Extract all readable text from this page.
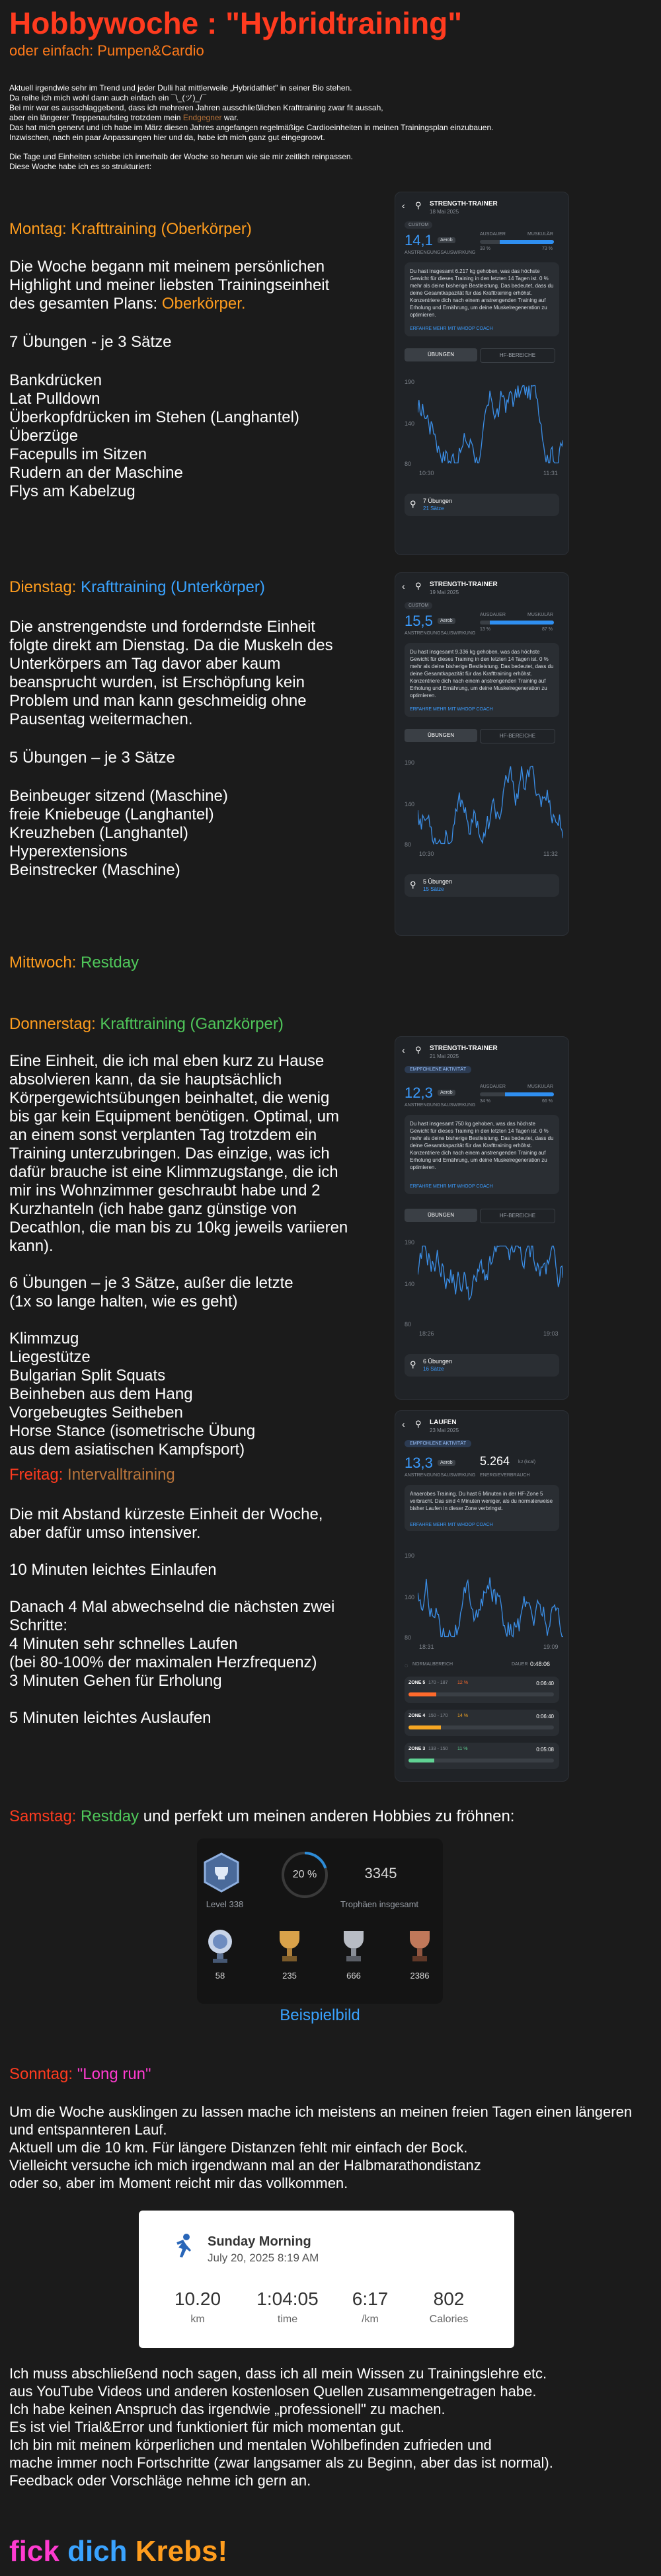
Hobbywoche : "Hybridtraining"
oder einfach: Pumpen&Cardio

Aktuell irgendwie sehr im Trend und jeder Dulli hat mittlerweile „Hybridathlet" in seiner Bio stehen.

Da reihe ich mich wohl dann auch einfach ein ¯\_(ツ)_/¯

Bei mir war es ausschlaggebend, dass ich mehreren Jahren ausschließlichen Krafttraining zwar fit aussah,

aber ein längerer Treppenaufstieg trotzdem mein Endgegner war.

Das hat mich genervt und ich habe im März diesen Jahres angefangen regelmäßige Cardioeinheiten in meinen Trainingsplan einzubauen.

Inzwischen, nach ein paar Anpassungen hier und da, habe ich mich ganz gut eingegroovt.

Die Tage und Einheiten schiebe ich innerhalb der Woche so herum wie sie mir zeitlich reinpassen.

Diese Woche habe ich es so strukturiert:

Montag: Krafttraining (Oberkörper)

Die Woche begann mit meinem persönlichen Highlight und meiner liebsten Trainingseinheit des gesamten Plans: Oberkörper.

7 Übungen - je 3 Sätze

Bankdrücken
Lat Pulldown
Überkopfdrücken im Stehen (Langhantel)
Überzüge
Facepulls im Sitzen
Rudern an der Maschine
Flys am Kabelzug
Dienstag: Krafttraining (Unterkörper)

Die anstrengendste und forderndste Einheit folgte direkt am Dienstag. Da die Muskeln des Unterkörpers am Tag davor aber kaum beansprucht wurden, ist Erschöpfung kein Problem und man kann geschmeidig ohne Pausentag weitermachen.

5 Übungen – je 3 Sätze

Beinbeuger sitzend (Maschine)
freie Kniebeuge (Langhantel)
Kreuzheben (Langhantel)
Hyperextensions
Beinstrecker (Maschine)
Mittwoch: Restday
Donnerstag: Krafttraining (Ganzkörper)

Eine Einheit, die ich mal eben kurz zu Hause absolvieren kann, da sie hauptsächlich Körpergewichtsübungen beinhaltet, die wenig bis gar kein Equipment benötigen. Optimal, um an einem sonst verplanten Tag trotzdem ein Training unterzubringen. Das einzige, was ich dafür brauche ist eine Klimmzugstange, die ich mir ins Wohnzimmer geschraubt habe und 2 Kurzhanteln (ich habe ganz günstige von Decathlon, die man bis zu 10kg jeweils variieren kann).

6 Übungen – je 3 Sätze, außer die letzte

(1x so lange halten, wie es geht)

Klimmzug
Liegestütze
Bulgarian Split Squats
Beinheben aus dem Hang
Vorgebeugtes Seitheben
Horse Stance (isometrische Übung
aus dem asiatischen Kampfsport)
Freitag: Intervalltraining

Die mit Abstand kürzeste Einheit der Woche, aber dafür umso intensiver.

10 Minuten leichtes Einlaufen

Danach 4 Mal abwechselnd die nächsten zwei Schritte:

4 Minuten sehr schnelles Laufen

(bei 80-100% der maximalen Herzfrequenz)

3 Minuten Gehen für Erholung

5 Minuten leichtes Auslaufen

Samstag: Restday und perfekt um meinen anderen Hobbies zu fröhnen:
Level 338
20 %	3345
Trophäen insgesamt
58	235	666	2386
Beispielbild
Sonntag: "Long run"

Um die Woche ausklingen zu lassen mache ich meistens an meinen freien Tagen einen längeren und entspannteren Lauf.

Aktuell um die 10 km. Für längere Distanzen fehlt mir einfach der Bock.

Vielleicht versuche ich mich irgendwann mal an der Halbmarathondistanz

oder so, aber im Moment reicht mir das vollkommen.

Sunday Morning
July 20, 2025 8:19 AM
10.20
km
1:04:05
time
6:17
/km
802
Calories

Ich muss abschließend noch sagen, dass ich all mein Wissen zu Trainingslehre etc.

aus YouTube Videos und anderen kostenlosen Quellen zusammengetragen habe.

Ich habe keinen Anspruch das irgendwie „professionell" zu machen.

Es ist viel Trial&Error und funktioniert für mich momentan gut.

Ich bin mit meinem körperlichen und mentalen Wohlbefinden zufrieden und

mache immer noch Fortschritte (zwar langsamer als zu Beginn, aber das ist normal).

Feedback oder Vorschläge nehme ich gern an.

fick dich Krebs!
‹ ⚲ STRENGTH-TRAINER
18 Mai 2025
CUSTOM
14,1	Aerob
ANSTRENGUNGSAUSWIRKUNG
AUSDAUER	MUSKULÄR
33 %	73 %
Du hast insgesamt 6.217 kg gehoben, was das höchste Gewicht für dieses Training in den letzten 14 Tagen ist. 0 % mehr als deine bisherige Bestleistung. Das bedeutet, dass du deine Gesamtkapazität für das Krafttraining erhöhst. Konzentriere dich nach einem anstrengenden Training auf Erholung und Ernährung, um deine Muskelregeneration zu optimieren.
ERFAHRE MEHR MIT WHOOP COACH
ÜBUNGEN	HF-BEREICHE
190
140
80
10:30	11:31
⚲ 7 Übungen
21 Sätze
‹ ⚲ STRENGTH-TRAINER
19 Mai 2025
CUSTOM
15,5	Aerob
ANSTRENGUNGSAUSWIRKUNG
AUSDAUER	MUSKULÄR
13 %	87 %
Du hast insgesamt 9.336 kg gehoben, was das höchste Gewicht für dieses Training in den letzten 14 Tagen ist. 0 % mehr als deine bisherige Bestleistung. Das bedeutet, dass du deine Gesamtkapazität für das Krafttraining erhöhst. Konzentriere dich nach einem anstrengenden Training auf Erholung und Ernährung, um deine Muskelregeneration zu optimieren.
ERFAHRE MEHR MIT WHOOP COACH
ÜBUNGEN	HF-BEREICHE
190
140
80
10:30	11:32
⚲ 5 Übungen
15 Sätze
‹ ⚲ STRENGTH-TRAINER
21 Mai 2025
EMPFOHLENE AKTIVITÄT
12,3	Aerob
ANSTRENGUNGSAUSWIRKUNG
AUSDAUER	MUSKULÄR
34 %	66 %
Du hast insgesamt 750 kg gehoben, was das höchste Gewicht für dieses Training in den letzten 14 Tagen ist. 0 % mehr als deine bisherige Bestleistung. Das bedeutet, dass du deine Gesamtkapazität für das Krafttraining erhöhst. Konzentriere dich nach einem anstrengenden Training auf Erholung und Ernährung, um deine Muskelregeneration zu optimieren.
ERFAHRE MEHR MIT WHOOP COACH
ÜBUNGEN	HF-BEREICHE
190
140
80
18:26	19:03
⚲ 6 Übungen
16 Sätze
‹ ⚲ LAUFEN
23 Mai 2025
EMPFOHLENE AKTIVITÄT
13,3	Aerob
ANSTRENGUNGSAUSWIRKUNG
5.264 kJ (kcal)
ENERGIEVERBRAUCH
Anaerobes Training. Du hast 6 Minuten in der HF-Zone 5 verbracht. Das sind 4 Minuten weniger, als du normalerweise bisher Laufen in dieser Zone verbringst.
ERFAHRE MEHR MIT WHOOP COACH
190
140
80
18:31	19:09
◌ NORMALBEREICH	DAUER 0:48:06
ZONE 5 170 - 187 12 %	0:06:40
ZONE 4 150 - 170 14 %	0:06:40
ZONE 3 133 - 150 11 %	0:05:08
